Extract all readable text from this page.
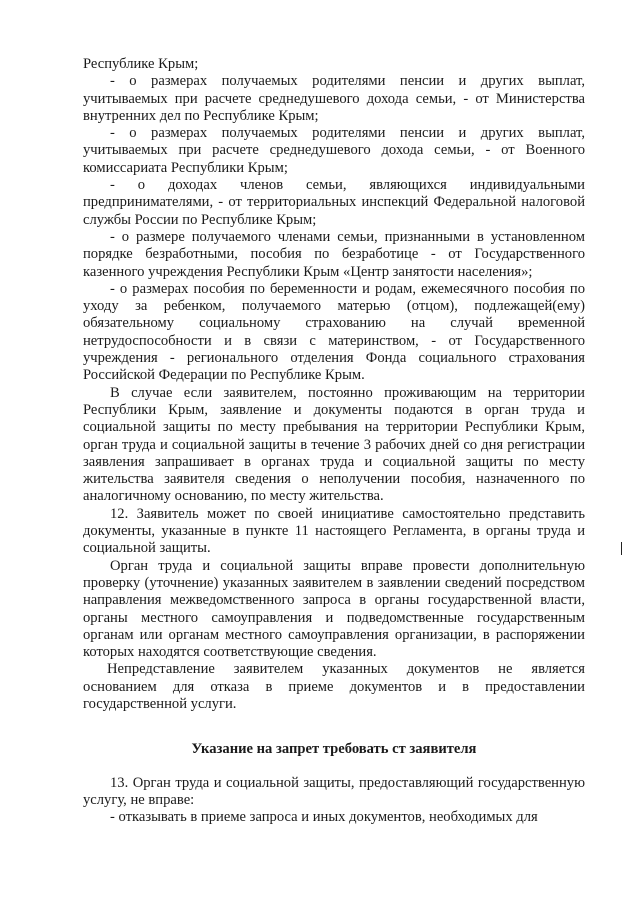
Республике Крым;

- о размерах получаемых родителями пенсии и других выплат, учитываемых при расчете среднедушевого дохода семьи, - от Министерства внутренних дел по Республике Крым;

- о размерах получаемых родителями пенсии и других выплат, учитываемых при расчете среднедушевого дохода семьи, - от Военного комиссариата Республики Крым;

- о доходах членов семьи, являющихся индивидуальными предпринимателями, - от территориальных инспекций Федеральной налоговой службы России по Республике Крым;

- о размере получаемого членами семьи, признанными в установленном порядке безработными, пособия по безработице - от Государственного казенного учреждения Республики Крым «Центр занятости населения»;

- о размерах пособия по беременности и родам, ежемесячного пособия по уходу за ребенком, получаемого матерью (отцом), подлежащей(ему) обязательному социальному страхованию на случай временной нетрудоспособности и в связи с материнством, - от Государственного учреждения - регионального отделения Фонда социального страхования Российской Федерации по Республике Крым.

В случае если заявителем, постоянно проживающим на территории Республики Крым, заявление и документы подаются в орган труда и социальной защиты по месту пребывания на территории Республики Крым, орган труда и социальной защиты в течение 3 рабочих дней со дня регистрации заявления запрашивает в органах труда и социальной защиты по месту жительства заявителя сведения о неполучении пособия, назначенного по аналогичному основанию, по месту жительства.

12. Заявитель может по своей инициативе самостоятельно представить документы, указанные в пункте 11 настоящего Регламента, в органы труда и социальной защиты.

Орган труда и социальной защиты вправе провести дополнительную проверку (уточнение) указанных заявителем в заявлении сведений посредством направления межведомственного запроса в органы государственной власти, органы местного самоуправления и подведомственные государственным органам или органам местного самоуправления организации, в распоряжении которых находятся соответствующие сведения.

Непредставление заявителем указанных документов не является основанием для отказа в приеме документов и в предоставлении государственной услуги.

Указание на запрет требовать ст заявителя

13. Орган труда и социальной защиты, предоставляющий государственную услугу, не вправе:

- отказывать в приеме запроса и иных документов, необходимых для
